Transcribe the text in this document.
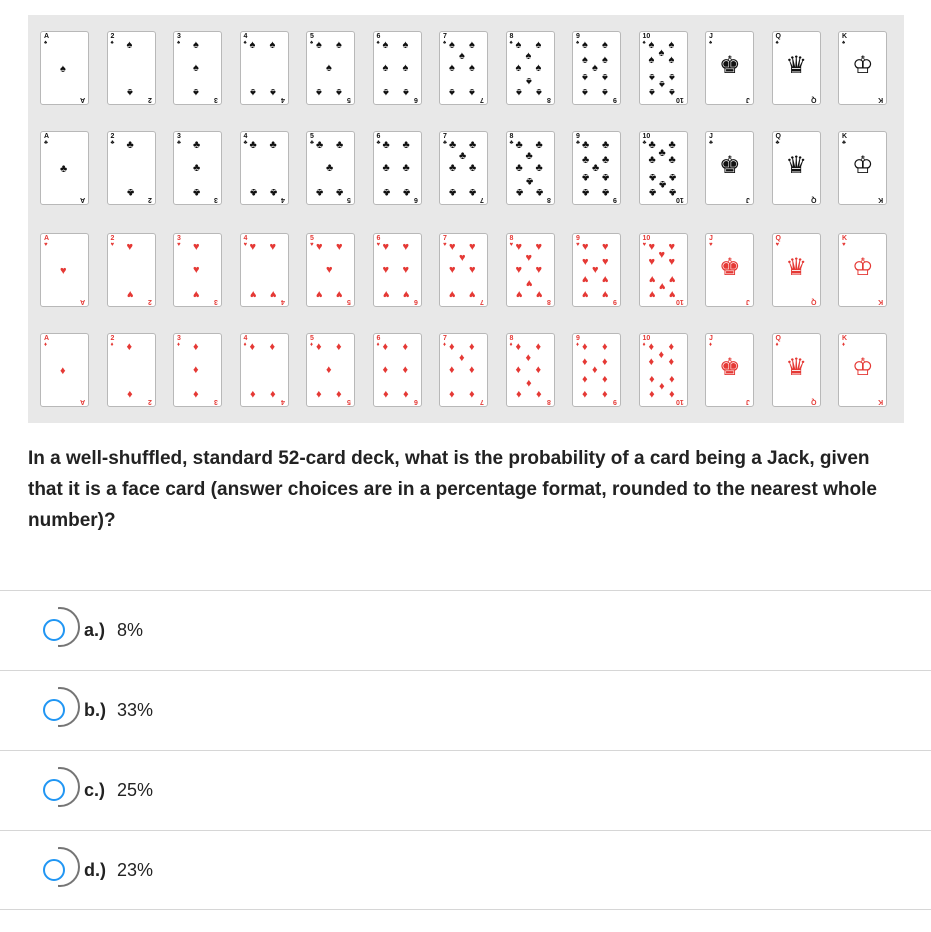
A
♠
A
♠
2
♠
2
♠
♠
3
♠
3
♠
♠
♠
4
♠
4
♠ ♠
♠ ♠
5
♠
5
♠ ♠
♠
♠ ♠
6
♠
6
♠ ♠
♠ ♠
♠ ♠
7
♠
7
♠ ♠
♠
♠ ♠
♠ ♠
8
♠
8
♠ ♠
♠
♠ ♠
♠
♠ ♠
9
♠
9
♠ ♠
♠ ♠
♠
♠ ♠
♠ ♠
10
♠
10
♠ ♠
♠
♠ ♠
♠ ♠
♠
♠ ♠
J
♠
J
♚
Q
♠
Q
♛
K
♠
K
♔
A
♣
A
♣
2
♣
2
♣
♣
3
♣
3
♣
♣
♣
4
♣
4
♣ ♣
♣ ♣
5
♣
5
♣ ♣
♣
♣ ♣
6
♣
6
♣ ♣
♣ ♣
♣ ♣
7
♣
7
♣ ♣
♣
♣ ♣
♣ ♣
8
♣
8
♣ ♣
♣
♣ ♣
♣
♣ ♣
9
♣
9
♣ ♣
♣ ♣
♣
♣ ♣
♣ ♣
10
♣
10
♣ ♣
♣
♣ ♣
♣ ♣
♣
♣ ♣
J
♣
J
♚
Q
♣
Q
♛
K
♣
K
♔
A
♥
A
♥
2
♥
2
♥
♥
3
♥
3
♥
♥
♥
4
♥
4
♥ ♥
♥ ♥
5
♥
5
♥ ♥
♥
♥ ♥
6
♥
6
♥ ♥
♥ ♥
♥ ♥
7
♥
7
♥ ♥
♥
♥ ♥
♥ ♥
8
♥
8
♥ ♥
♥
♥ ♥
♥
♥ ♥
9
♥
9
♥ ♥
♥ ♥
♥
♥ ♥
♥ ♥
10
♥
10
♥ ♥
♥
♥ ♥
♥ ♥
♥
♥ ♥
J
♥
J
♚
Q
♥
Q
♛
K
♥
K
♔
A
♦
A
♦
2
♦
2
♦
♦
3
♦
3
♦
♦
♦
4
♦
4
♦ ♦
♦ ♦
5
♦
5
♦ ♦
♦
♦ ♦
6
♦
6
♦ ♦
♦ ♦
♦ ♦
7
♦
7
♦ ♦
♦
♦ ♦
♦ ♦
8
♦
8
♦ ♦
♦
♦ ♦
♦
♦ ♦
9
♦
9
♦ ♦
♦ ♦
♦
♦ ♦
♦ ♦
10
♦
10
♦ ♦
♦
♦ ♦
♦ ♦
♦
♦ ♦
J
♦
J
♚
Q
♦
Q
♛
K
♦
K
♔

In a well-shuffled, standard 52-card deck, what is the probability of a card being a Jack, given that it is a face card (answer choices are in a percentage format, rounded to the nearest whole number)?

a.) 8%
b.) 33%
c.) 25%
d.) 23%
